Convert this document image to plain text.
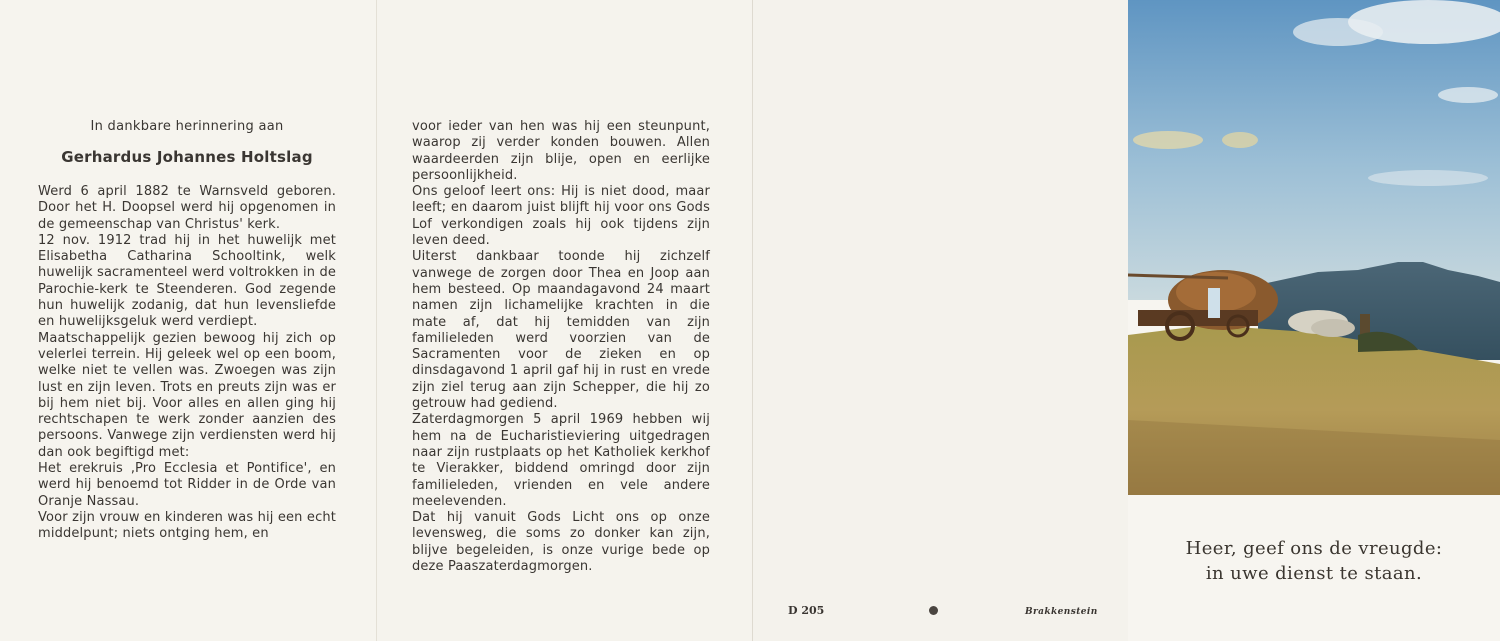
In dankbare herinnering aan
Gerhardus Johannes Holtslag

Werd 6 april 1882 te Warnsveld geboren. Door het H. Doopsel werd hij opgenomen in de gemeenschap van Christus' kerk.

12 nov. 1912 trad hij in het huwelijk met Elisabetha Catharina Schooltink, welk huwelijk sacramenteel werd voltrokken in de Parochie-kerk te Steenderen. God zegende hun huwelijk zodanig, dat hun levensliefde en huwelijksgeluk werd verdiept.

Maatschappelijk gezien bewoog hij zich op velerlei terrein. Hij geleek wel op een boom, welke niet te vellen was. Zwoegen was zijn lust en zijn leven. Trots en preuts zijn was er bij hem niet bij. Voor alles en allen ging hij rechtschapen te werk zonder aanzien des persoons. Vanwege zijn verdiensten werd hij dan ook begiftigd met:

Het erekruis ‚Pro Ecclesia et Pontifice', en werd hij benoemd tot Ridder in de Orde van Oranje Nassau.

Voor zijn vrouw en kinderen was hij een echt middelpunt; niets ontging hem, en

voor ieder van hen was hij een steunpunt, waarop zij verder konden bouwen. Allen waardeerden zijn blije, open en eerlijke persoonlijkheid.

Ons geloof leert ons: Hij is niet dood, maar leeft; en daarom juist blijft hij voor ons Gods Lof verkondigen zoals hij ook tijdens zijn leven deed.

Uiterst dankbaar toonde hij zichzelf vanwege de zorgen door Thea en Joop aan hem besteed. Op maandagavond 24 maart namen zijn lichamelijke krachten in die mate af, dat hij temidden van zijn familieleden werd voorzien van de Sacramenten voor de zieken en op dinsdagavond 1 april gaf hij in rust en vrede zijn ziel terug aan zijn Schepper, die hij zo getrouw had gediend.

Zaterdagmorgen 5 april 1969 hebben wij hem na de Eucharistieviering uitgedragen naar zijn rustplaats op het Katholiek kerkhof te Vierakker, biddend omringd door zijn familieleden, vrienden en vele andere meelevenden.

Dat hij vanuit Gods Licht ons op onze levensweg, die soms zo donker kan zijn, blijve begeleiden, is onze vurige bede op deze Paaszaterdagmorgen.

D 205	Brakkenstein
Heer, geef ons de vreugde:
in uwe dienst te staan.
